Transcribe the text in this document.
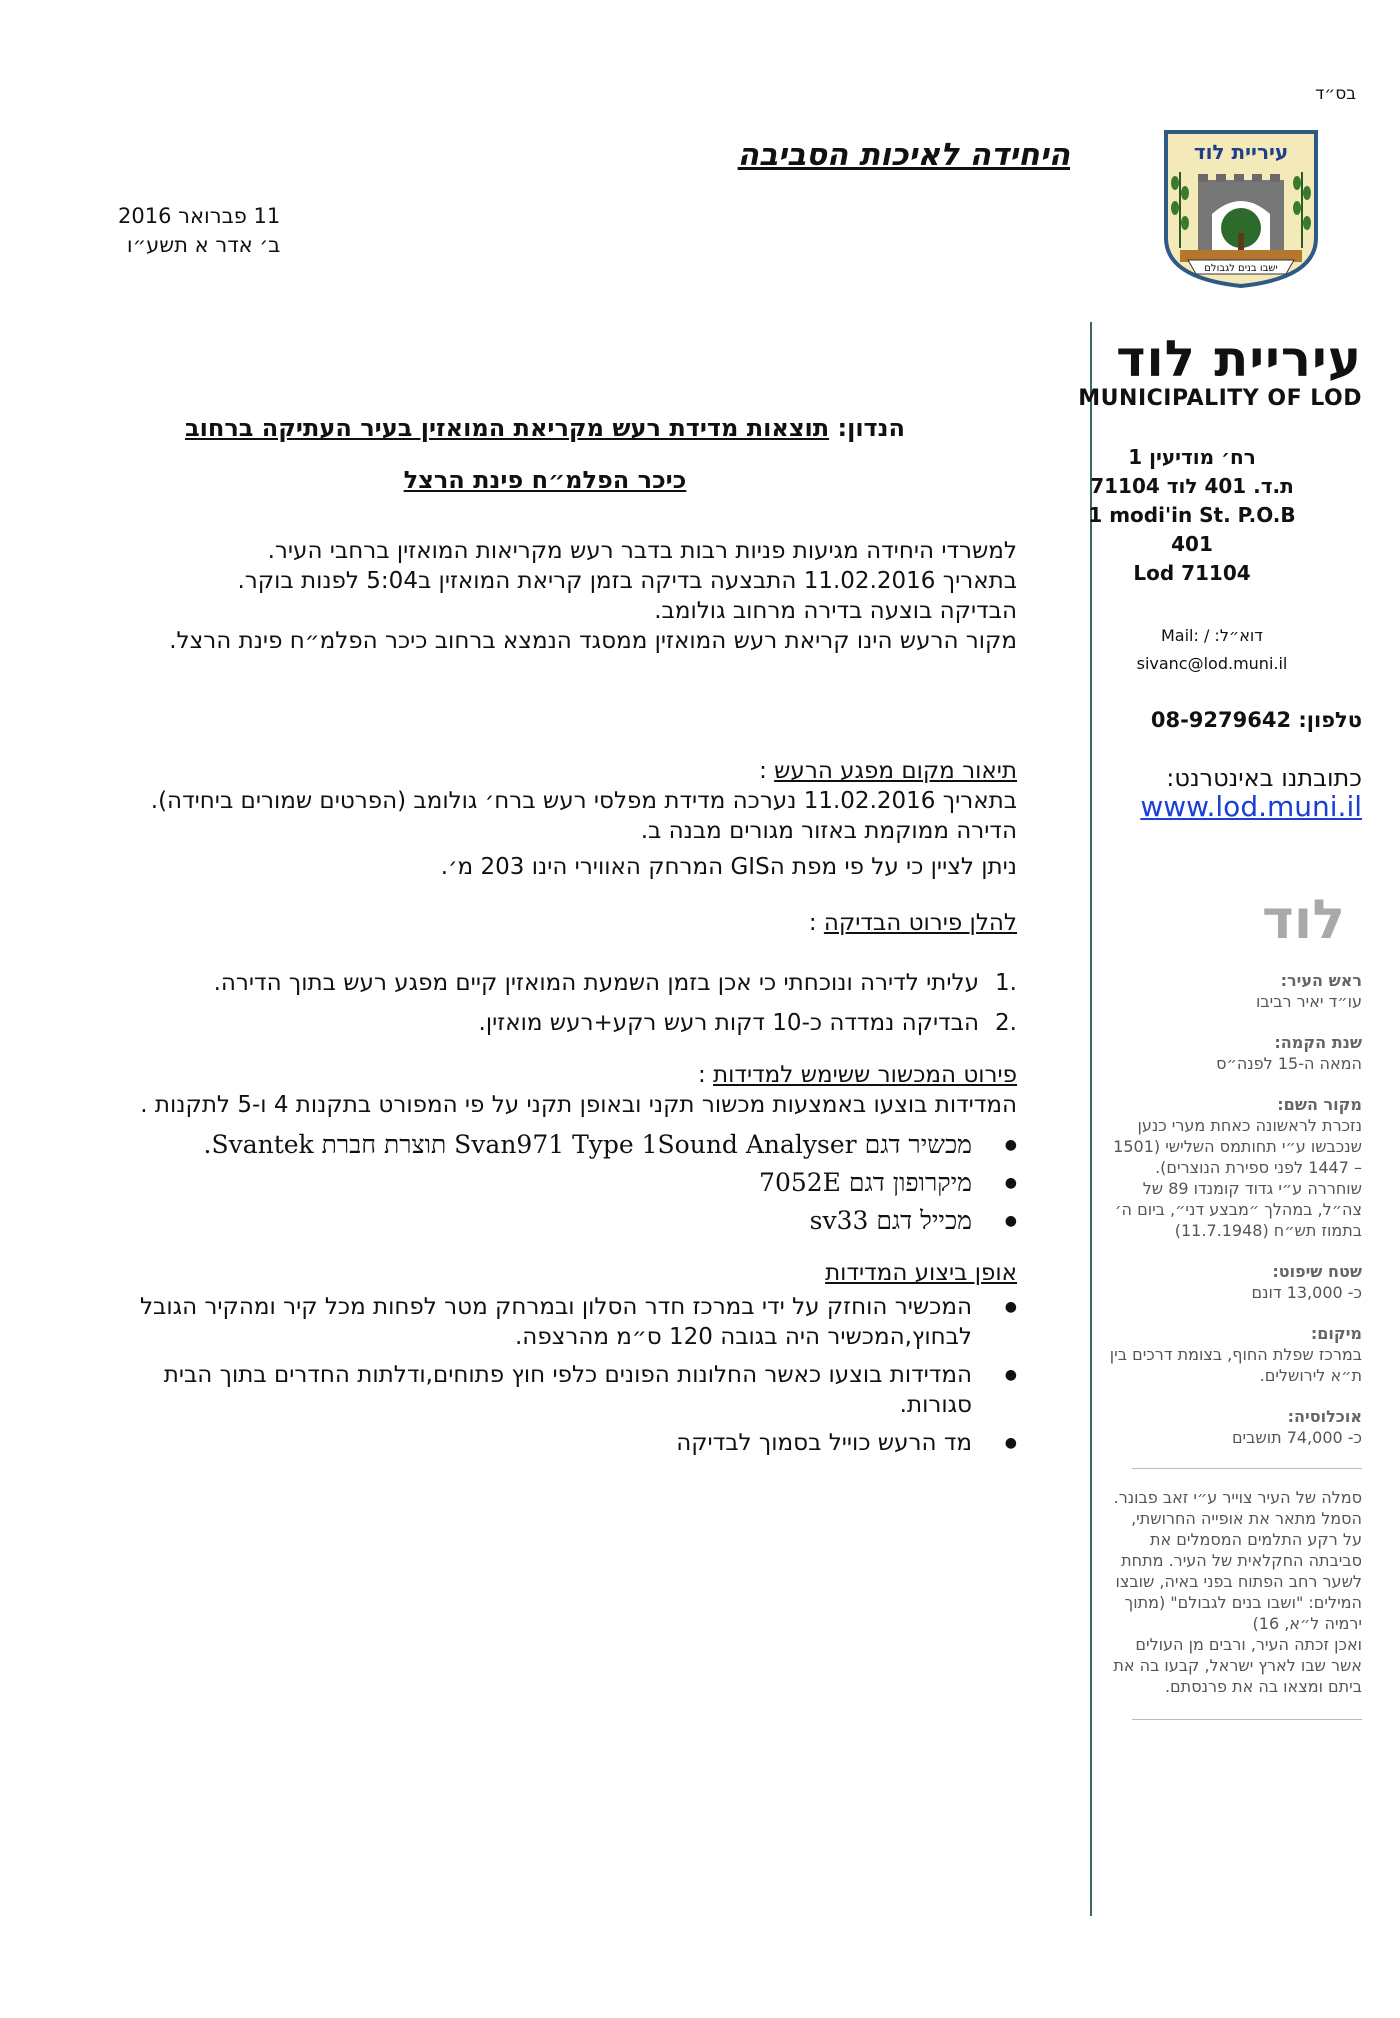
בס״ד
עיריית לוד
ישבו בנים לגבולם
עיריית לוד
MUNICIPALITY OF LOD
רח׳ מודיעין 1
ת.ד. 401 לוד 71104
1 modi'in St. P.O.B
401
Lod 71104
Mail: / :דוא״ל
sivanc@lod.muni.il
טלפון: 08-9279642
כתובתנו באינטרנט:
www.lod.muni.il
לוד
ראש העיר:
עו״ד יאיר רביבו
שנת הקמה:
המאה ה-15 לפנה״ס
מקור השם:
נזכרת לראשונה כאחת מערי כנען שנכבשו ע״י תחותמס השלישי (1501 – 1447 לפני ספירת הנוצרים). שוחררה ע״י גדוד קומנדו 89 של צה״ל, במהלך ״מבצע דני״, ביום ה׳ בתמוז תש״ח (11.7.1948)
שטח שיפוט:
כ- 13,000 דונם
מיקום:
במרכז שפלת החוף, בצומת דרכים בין ת״א לירושלים.
אוכלוסיה:
כ- 74,000 תושבים
סמלה של העיר צוייר ע״י זאב פבונר. הסמל מתאר את אופייה החרושתי, על רקע התלמים המסמלים את סביבתה החקלאית של העיר. מתחת לשער רחב הפתוח בפני באיה, שובצו המילים: "ושבו בנים לגבולם" (מתוך ירמיה ל״א, 16)
ואכן זכתה העיר, ורבים מן העולים אשר שבו לארץ ישראל, קבעו בה את ביתם ומצאו בה את פרנסתם.
היחידה לאיכות הסביבה
11 פברואר 2016
ב׳ אדר א תשע״ו
הנדון: תוצאות מדידת רעש מקריאת המואזין בעיר העתיקה ברחוב
כיכר הפלמ״ח פינת הרצל
למשרדי היחידה מגיעות פניות רבות בדבר רעש מקריאות המואזין ברחבי העיר.
בתאריך 11.02.2016 התבצעה בדיקה בזמן קריאת המואזין ב5:04 לפנות בוקר.
הבדיקה בוצעה בדירה מרחוב גולומב.
מקור הרעש הינו קריאת רעש המואזין ממסגד הנמצא ברחוב כיכר הפלמ״ח פינת הרצל.
תיאור מקום מפגע הרעש :
בתאריך 11.02.2016 נערכה מדידת מפלסי רעש ברח׳ גולומב (הפרטים שמורים ביחידה). הדירה ממוקמת באזור מגורים מבנה ב.
ניתן לציין כי על פי מפת הGIS המרחק האווירי הינו 203 מ׳.
להלן פירוט הבדיקה :
1.
עליתי לדירה ונוכחתי כי אכן בזמן השמעת המואזין קיים מפגע רעש בתוך הדירה.
2.
הבדיקה נמדדה כ-10 דקות רעש רקע+רעש מואזין.
פירוט המכשור ששימש למדידות :
המדידות בוצעו באמצעות מכשור תקני ובאופן תקני על פי המפורט בתקנות 4 ו-5 לתקנות .
● מכשיר דגם Svan971 Type 1Sound Analyser תוצרת חברת Svantek.
● מיקרופון דגם 7052E
● מכייל דגם sv33
אופן ביצוע המדידות
● המכשיר הוחזק על ידי במרכז חדר הסלון ובמרחק מטר לפחות מכל קיר ומהקיר הגובל לבחוץ,המכשיר היה בגובה 120 ס״מ מהרצפה.
● המדידות בוצעו כאשר החלונות הפונים כלפי חוץ פתוחים,ודלתות החדרים בתוך הבית סגורות.
● מד הרעש כוייל בסמוך לבדיקה
